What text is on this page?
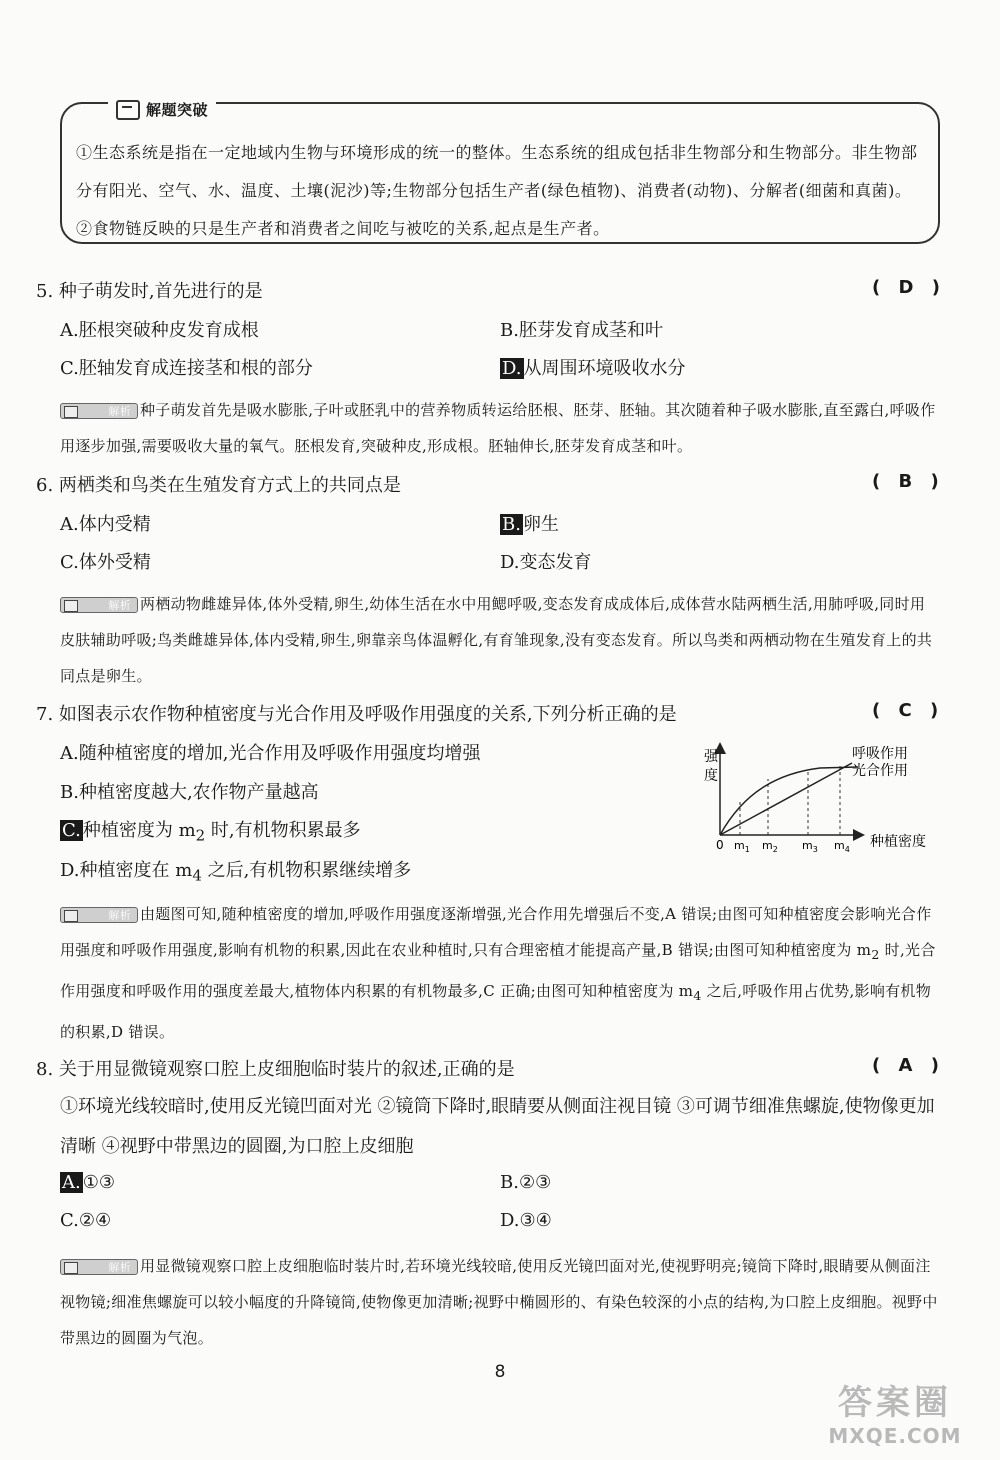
解题突破
①生态系统是指在一定地域内生物与环境形成的统一的整体。生态系统的组成包括非生物部分和生物部分。非生物部分有阳光、空气、水、温度、土壤(泥沙)等;生物部分包括生产者(绿色植物)、消费者(动物)、分解者(细菌和真菌)。②食物链反映的只是生产者和消费者之间吃与被吃的关系,起点是生产者。
5. 种子萌发时,首先进行的是	( D )
A.胚根突破种皮发育成根	B.胚芽发育成茎和叶
C.胚轴发育成连接茎和根的部分	D. 从周围环境吸收水分
解析 种子萌发首先是吸水膨胀,子叶或胚乳中的营养物质转运给胚根、胚芽、胚轴。其次随着种子吸水膨胀,直至露白,呼吸作用逐步加强,需要吸收大量的氧气。胚根发育,突破种皮,形成根。胚轴伸长,胚芽发育成茎和叶。
6. 两栖类和鸟类在生殖发育方式上的共同点是	( B )
A.体内受精	B. 卵生
C.体外受精	D.变态发育
解析 两栖动物雌雄异体,体外受精,卵生,幼体生活在水中用鳃呼吸,变态发育成成体后,成体营水陆两栖生活,用肺呼吸,同时用皮肤辅助呼吸;鸟类雌雄异体,体内受精,卵生,卵靠亲鸟体温孵化,有育雏现象,没有变态发育。所以鸟类和两栖动物在生殖发育上的共同点是卵生。
7. 如图表示农作物种植密度与光合作用及呼吸作用强度的关系,下列分析正确的是	( C )
A.随种植密度的增加,光合作用及呼吸作用强度均增强
B.种植密度越大,农作物产量越高
C. 种植密度为 $m_2$ 时,有机物积累最多
D.种植密度在 $m_4$ 之后,有机物积累继续增多
强
度
0
呼吸作用
光合作用
种植密度
$m_1$ $m_2$ $m_3$ $m_4$
解析 由题图可知,随种植密度的增加,呼吸作用强度逐渐增强,光合作用先增强后不变,A 错误;由图可知种植密度会影响光合作用强度和呼吸作用强度,影响有机物的积累,因此在农业种植时,只有合理密植才能提高产量,B 错误;由图可知种植密度为 $m_2$ 时,光合作用强度和呼吸作用的强度差最大,植物体内积累的有机物最多,C 正确;由图可知种植密度为 $m_4$ 之后,呼吸作用占优势,影响有机物的积累,D 错误。
8. 关于用显微镜观察口腔上皮细胞临时装片的叙述,正确的是	( A )
①环境光线较暗时,使用反光镜凹面对光 ②镜筒下降时,眼睛要从侧面注视目镜 ③可调节细准焦螺旋,使物像更加清晰 ④视野中带黑边的圆圈,为口腔上皮细胞
A. ①③	B.②③
C.②④	D.③④
解析 用显微镜观察口腔上皮细胞临时装片时,若环境光线较暗,使用反光镜凹面对光,使视野明亮;镜筒下降时,眼睛要从侧面注视物镜;细准焦螺旋可以较小幅度的升降镜筒,使物像更加清晰;视野中椭圆形的、有染色较深的小点的结构,为口腔上皮细胞。视野中带黑边的圆圈为气泡。
8
答案圈
MXQE.COM
